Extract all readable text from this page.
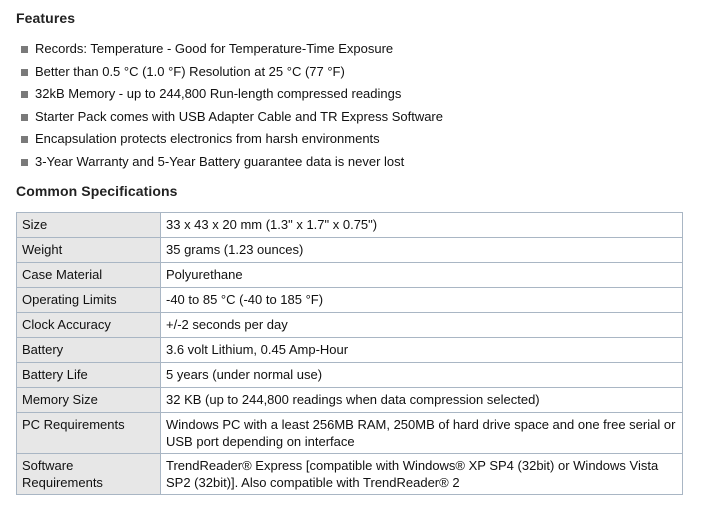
Features
Records: Temperature - Good for Temperature-Time Exposure
Better than 0.5 °C (1.0 °F) Resolution at 25 °C (77 °F)
32kB Memory - up to 244,800 Run-length compressed readings
Starter Pack comes with USB Adapter Cable and TR Express Software
Encapsulation protects electronics from harsh environments
3-Year Warranty and 5-Year Battery guarantee data is never lost
Common Specifications
Size	33 x 43 x 20 mm (1.3" x 1.7" x 0.75")
Weight	35 grams (1.23 ounces)
Case Material	Polyurethane
Operating Limits	-40 to 85 °C (-40 to 185 °F)
Clock Accuracy	+/-2 seconds per day
Battery	3.6 volt Lithium, 0.45 Amp-Hour
Battery Life	5 years (under normal use)
Memory Size	32 KB (up to 244,800 readings when data compression selected)
PC Requirements	Windows PC with a least 256MB RAM, 250MB of hard drive space and one free serial or USB port depending on interface
Software Requirements	TrendReader® Express [compatible with Windows® XP SP4 (32bit) or Windows Vista SP2 (32bit)]. Also compatible with TrendReader® 2
